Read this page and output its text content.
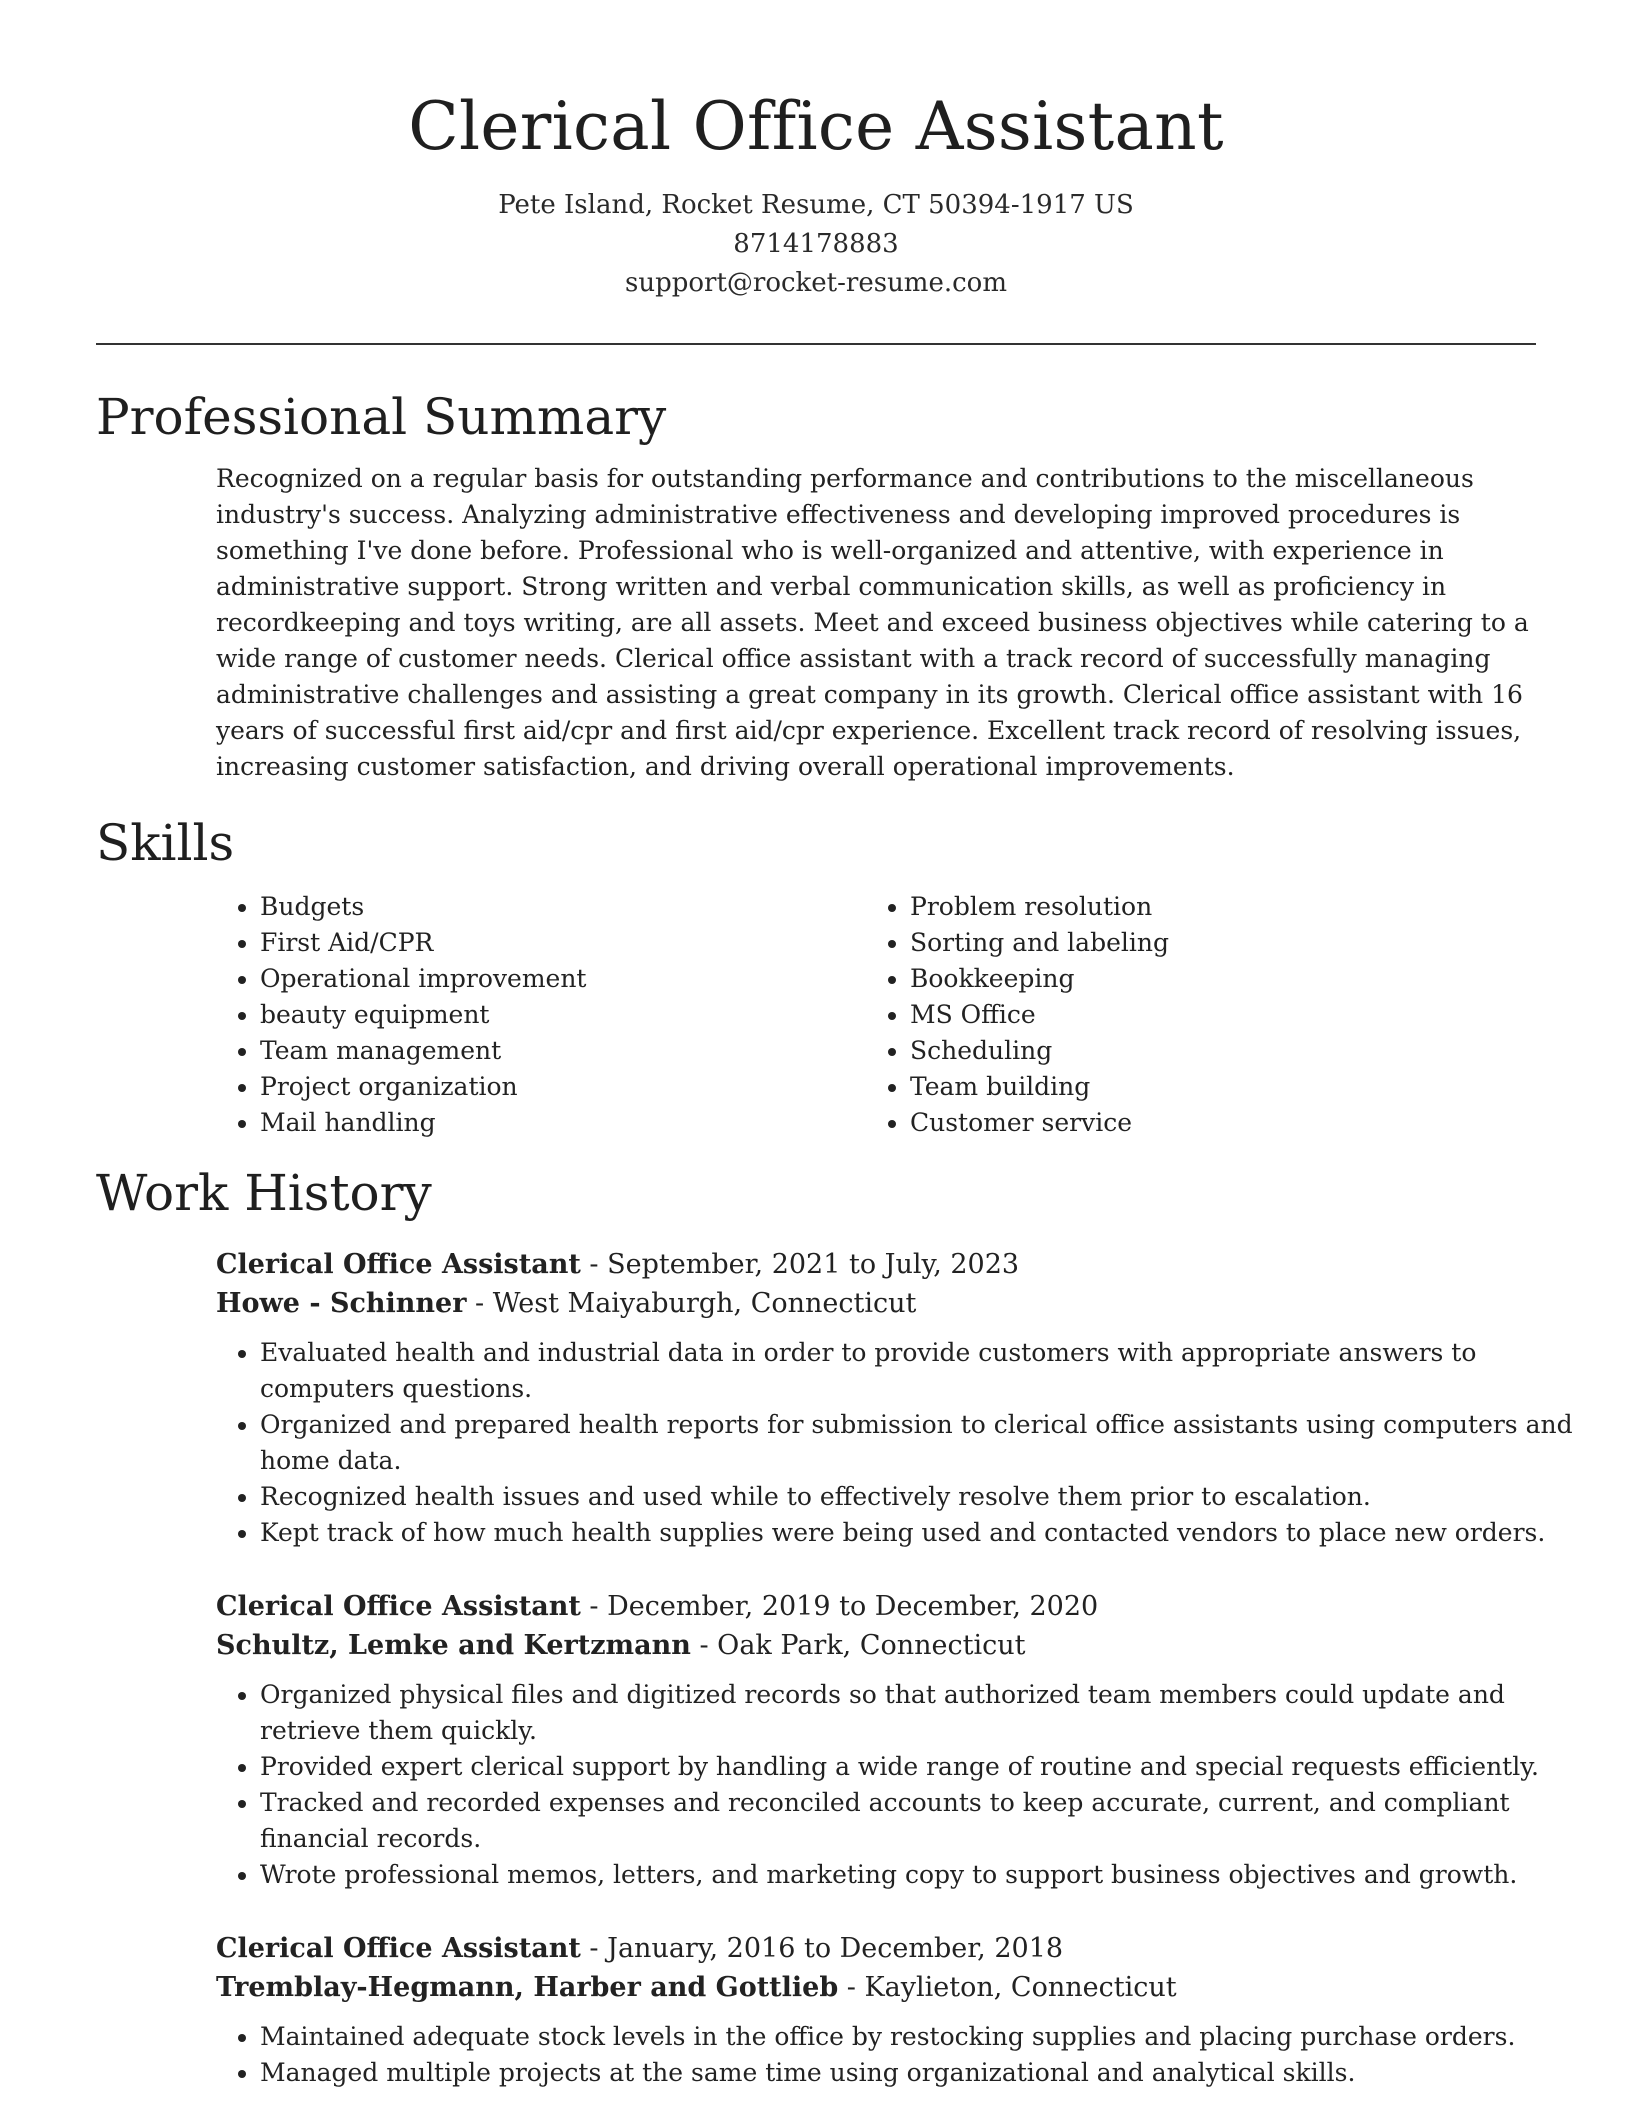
Clerical Office Assistant
Pete Island, Rocket Resume, CT 50394-1917 US
8714178883
support@rocket-resume.com
Professional Summary

Recognized on a regular basis for outstanding performance and contributions to the miscellaneous industry's success. Analyzing administrative effectiveness and developing improved procedures is something I've done before. Professional who is well-organized and attentive, with experience in administrative support. Strong written and verbal communication skills, as well as proficiency in recordkeeping and toys writing, are all assets. Meet and exceed business objectives while catering to a wide range of customer needs. Clerical office assistant with a track record of successfully managing administrative challenges and assisting a great company in its growth. Clerical office assistant with 16 years of successful first aid/cpr and first aid/cpr experience. Excellent track record of resolving issues, increasing customer satisfaction, and driving overall operational improvements.

Skills
• Budgets
• First Aid/CPR
• Operational improvement
• beauty equipment
• Team management
• Project organization
• Mail handling
• Problem resolution
• Sorting and labeling
• Bookkeeping
• MS Office
• Scheduling
• Team building
• Customer service
Work History
Clerical Office Assistant - September, 2021 to July, 2023
Howe - Schinner - West Maiyaburgh, Connecticut
• Evaluated health and industrial data in order to provide customers with appropriate answers to computers questions.
• Organized and prepared health reports for submission to clerical office assistants using computers and home data.
• Recognized health issues and used while to effectively resolve them prior to escalation.
• Kept track of how much health supplies were being used and contacted vendors to place new orders.
Clerical Office Assistant - December, 2019 to December, 2020
Schultz, Lemke and Kertzmann - Oak Park, Connecticut
• Organized physical files and digitized records so that authorized team members could update and retrieve them quickly.
• Provided expert clerical support by handling a wide range of routine and special requests efficiently.
• Tracked and recorded expenses and reconciled accounts to keep accurate, current, and compliant financial records.
• Wrote professional memos, letters, and marketing copy to support business objectives and growth.
Clerical Office Assistant - January, 2016 to December, 2018
Tremblay-Hegmann, Harber and Gottlieb - Kaylieton, Connecticut
• Maintained adequate stock levels in the office by restocking supplies and placing purchase orders.
• Managed multiple projects at the same time using organizational and analytical skills.
